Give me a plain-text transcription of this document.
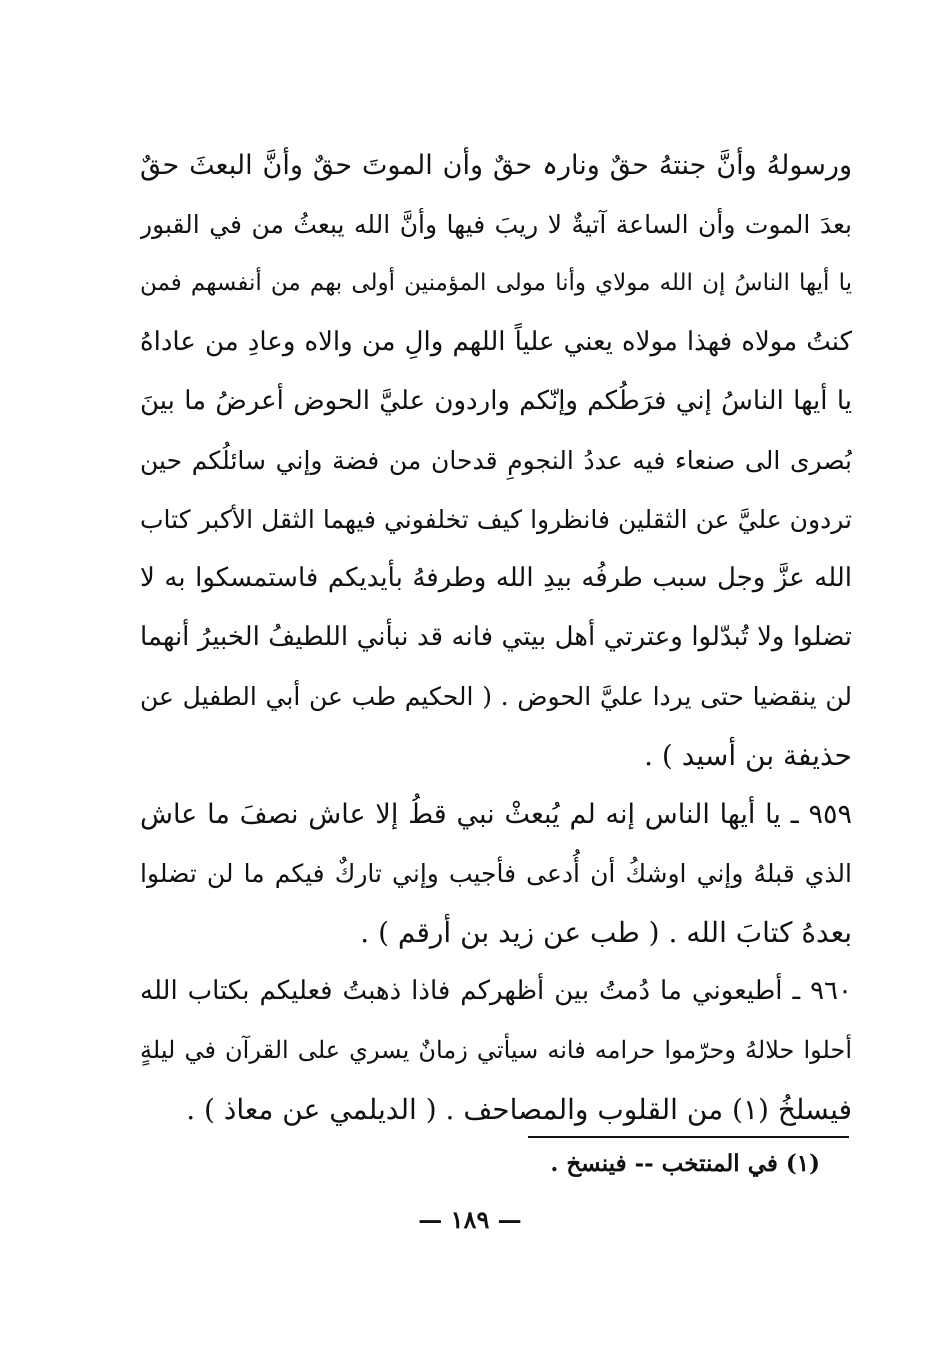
ورسولهُ وأنَّ جنتهُ حقٌ ونارہ حقٌ وأن الموتَ حقٌ وأنَّ البعثَ حقٌ
بعدَ الموت وأن الساعة آتيةٌ لا ريبَ فيها وأنَّ الله يبعثُ من في القبور
يا أيها الناسُ إن الله مولاي وأنا مولى المؤمنين أولى بهم من أنفسهم فمن
كنتُ مولاه فهذا مولاه يعني علياً اللهم والِ من والاه وعادِ من عاداهُ
يا أيها الناسُ إني فرَطُكم وإنّكم واردون عليَّ الحوض أعرضُ ما بينَ
بُصرى الى صنعاء فيه عددُ النجومِ قدحان من فضة وإني سائلُكم حين
تردون عليَّ عن الثقلين فانظروا كيف تخلفوني فيهما الثقل الأكبر كتاب
الله عزَّ وجل سبب طرفُه بيدِ الله وطرفهُ بأيديكم فاستمسكوا به لا
تضلوا ولا تُبدّلوا وعترتي أهل بيتي فانه قد نبأني اللطيفُ الخبيرُ أنهما
لن ينقضيا حتى يردا عليَّ الحوض . ( الحكيم طب عن أبي الطفيل عن
حذيفة بن أسيد ) .
٩٥٩ ـ يا أيها الناس إنه لم يُبعثْ نبي قطُ إلا عاش نصفَ ما عاش
الذي قبلهُ وإني اوشكُ أن أُدعى فأجيب وإني تاركٌ فيكم ما لن تضلوا
بعدهُ كتابَ الله . ( طب عن زيد بن أرقم ) .
٩٦٠ ـ أطيعوني ما دُمتُ بين أظهركم فاذا ذهبتُ فعليكم بكتاب الله
أحلوا حلالهُ وحرّموا حرامه فانه سيأتي زمانٌ يسري على القرآن في ليلةٍ
فيسلخُ (١) من القلوب والمصاحف . ( الديلمي عن معاذ ) .
(١) في المنتخب -- فينسخ .
— ١٨٩ —
